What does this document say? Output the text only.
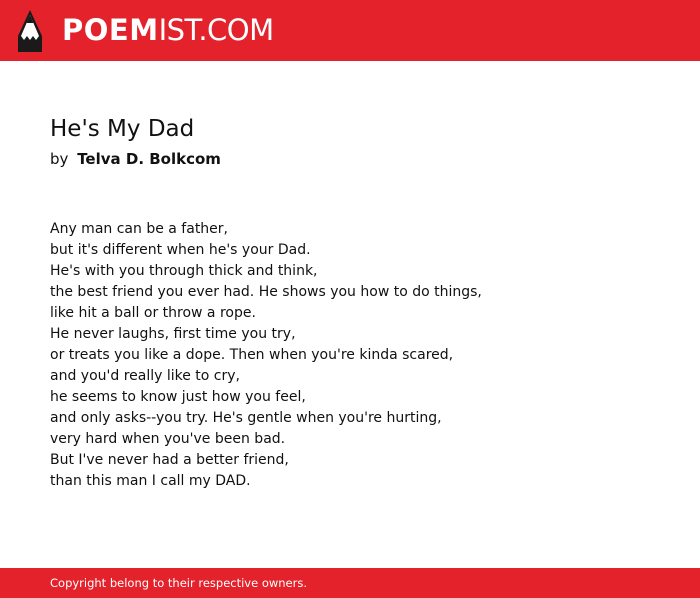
POEMIST.COM
He's My Dad
by Telva D. Bolkcom
Any man can be a father,
but it's different when he's your Dad.
He's with you through thick and think,
the best friend you ever had. He shows you how to do things,
like hit a ball or throw a rope.
He never laughs, first time you try,
or treats you like a dope. Then when you're kinda scared,
and you'd really like to cry,
he seems to know just how you feel,
and only asks--you try. He's gentle when you're hurting,
very hard when you've been bad.
But I've never had a better friend,
than this man I call my DAD.
Copyright belong to their respective owners.
